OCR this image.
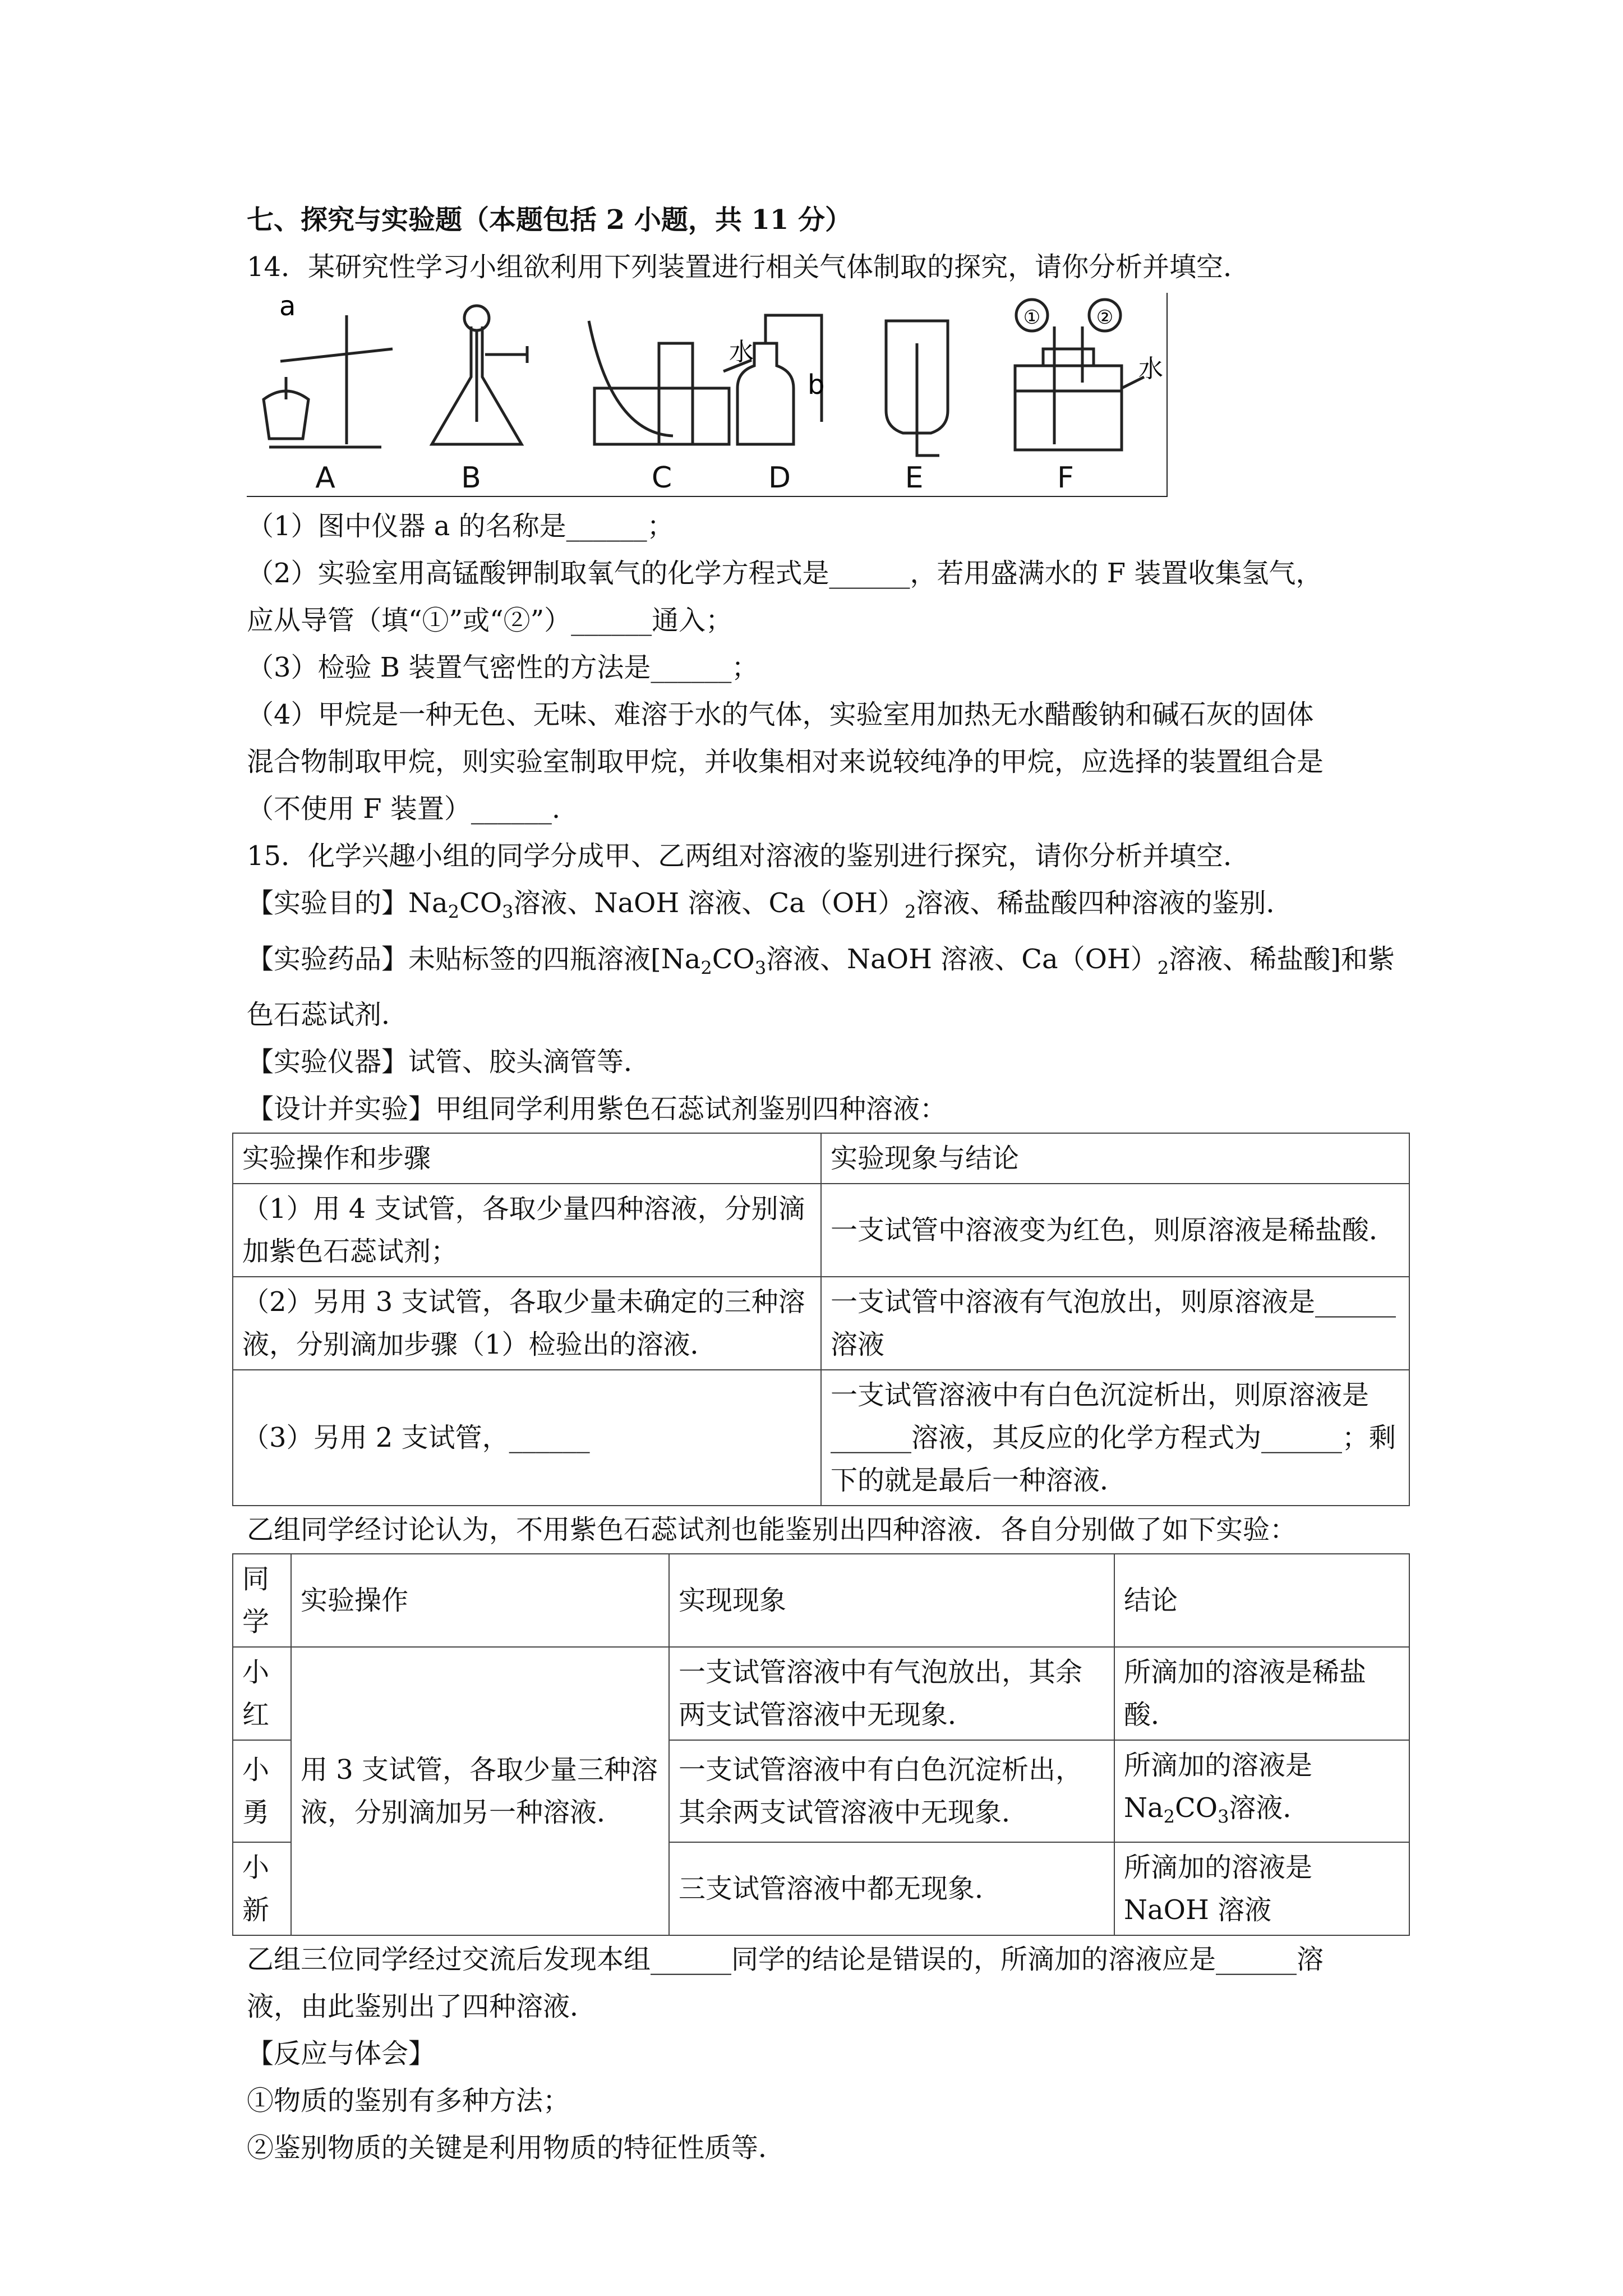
七、探究与实验题（本题包括 2 小题，共 11 分）
14．某研究性学习小组欲利用下列装置进行相关气体制取的探究，请你分析并填空．
a
b
水
水
①	②
A	B	C	D	E	F
（1）图中仪器 a 的名称是______；
（2）实验室用高锰酸钾制取氧气的化学方程式是______，若用盛满水的 F 装置收集氢气，
应从导管（填“①”或“②”）______通入；
（3）检验 B 装置气密性的方法是______；
（4）甲烷是一种无色、无味、难溶于水的气体，实验室用加热无水醋酸钠和碱石灰的固体
混合物制取甲烷，则实验室制取甲烷，并收集相对来说较纯净的甲烷，应选择的装置组合是
（不使用 F 装置）______.
15．化学兴趣小组的同学分成甲、乙两组对溶液的鉴别进行探究，请你分析并填空．
【实验目的】$Na_2CO_3$溶液、NaOH 溶液、$Ca(OH)_2$溶液、稀盐酸四种溶液的鉴别．
【实验药品】未贴标签的四瓶溶液[$Na_2CO_3$溶液、NaOH 溶液、$Ca(OH)_2$溶液、稀盐酸]和紫
色石蕊试剂．
【实验仪器】试管、胶头滴管等．
【设计并实验】甲组同学利用紫色石蕊试剂鉴别四种溶液：
实验操作和步骤	实验现象与结论
（1）用 4 支试管，各取少量四种溶液，分别滴加紫色石蕊试剂；	一支试管中溶液变为红色，则原溶液是稀盐酸．
（2）另用 3 支试管，各取少量未确定的三种溶液，分别滴加步骤（1）检验出的溶液．	一支试管中溶液有气泡放出，则原溶液是______溶液
（3）另用 2 支试管，______	一支试管溶液中有白色沉淀析出，则原溶液是______溶液，其反应的化学方程式为______；剩下的就是最后一种溶液．
乙组同学经讨论认为，不用紫色石蕊试剂也能鉴别出四种溶液．各自分别做了如下实验：
同学	实验操作	实现现象	结论
小红	用 3 支试管，各取少量三种溶液，分别滴加另一种溶液．	一支试管溶液中有气泡放出，其余两支试管溶液中无现象．	所滴加的溶液是稀盐酸．
小勇		一支试管溶液中有白色沉淀析出，其余两支试管溶液中无现象．	所滴加的溶液是
$Na_2CO_3$溶液．
小新		三支试管溶液中都无现象．	所滴加的溶液是 NaOH 溶液
乙组三位同学经过交流后发现本组______同学的结论是错误的，所滴加的溶液应是______溶
液，由此鉴别出了四种溶液．
【反应与体会】
①物质的鉴别有多种方法；
②鉴别物质的关键是利用物质的特征性质等．
